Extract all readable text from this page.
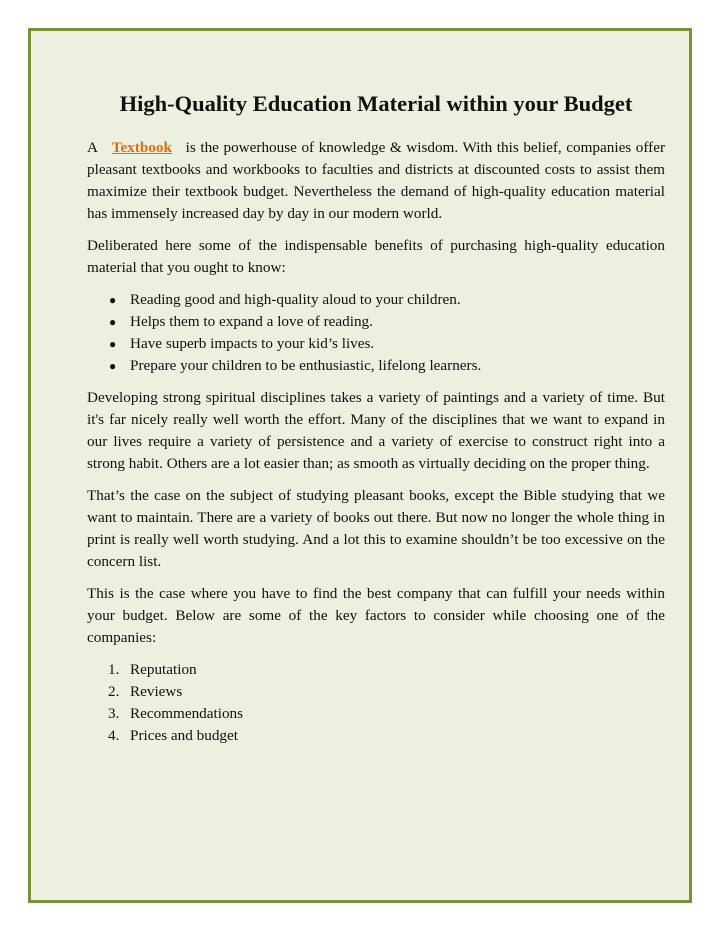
High-Quality Education Material within your Budget

A Textbook is the powerhouse of knowledge & wisdom. With this belief, companies offer pleasant textbooks and workbooks to faculties and districts at discounted costs to assist them maximize their textbook budget. Nevertheless the demand of high-quality education material has immensely increased day by day in our modern world.

Deliberated here some of the indispensable benefits of purchasing high-quality education material that you ought to know:

● Reading good and high-quality aloud to your children.
● Helps them to expand a love of reading.
● Have superb impacts to your kid’s lives.
● Prepare your children to be enthusiastic, lifelong learners.

Developing strong spiritual disciplines takes a variety of paintings and a variety of time. But it's far nicely really well worth the effort. Many of the disciplines that we want to expand in our lives require a variety of persistence and a variety of exercise to construct right into a strong habit. Others are a lot easier than; as smooth as virtually deciding on the proper thing.

That’s the case on the subject of studying pleasant books, except the Bible studying that we want to maintain. There are a variety of books out there. But now no longer the whole thing in print is really well worth studying. And a lot this to examine shouldn’t be too excessive on the concern list.

This is the case where you have to find the best company that can fulfill your needs within your budget. Below are some of the key factors to consider while choosing one of the companies:

1. Reputation
2. Reviews
3. Recommendations
4. Prices and budget
